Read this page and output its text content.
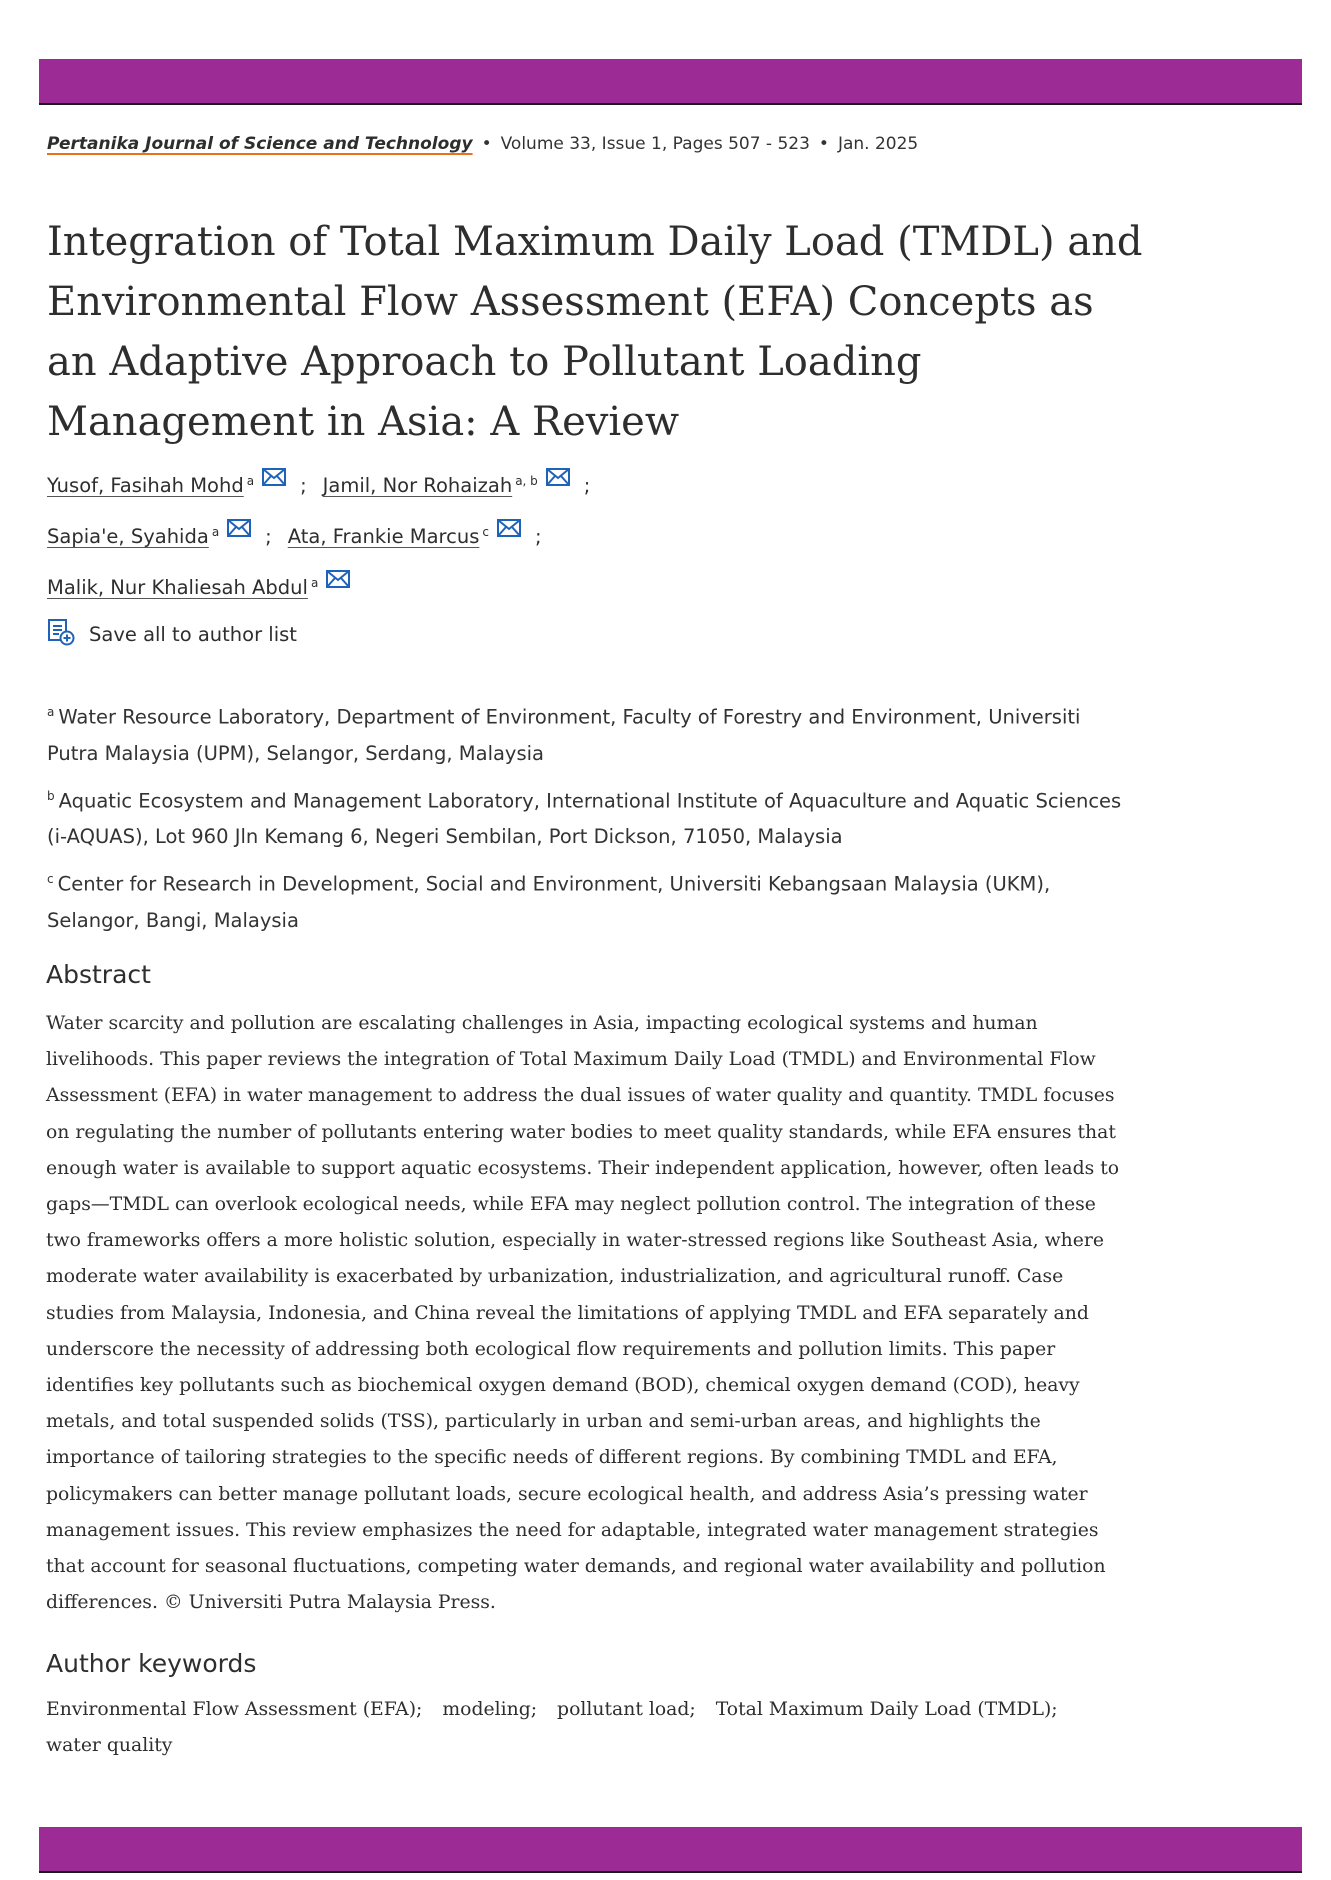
Pertanika Journal of Science and Technology • Volume 33, Issue 1, Pages 507 - 523 • Jan. 2025
Integration of Total Maximum Daily Load (TMDL) and Environmental Flow Assessment (EFA) Concepts as an Adaptive Approach to Pollutant Loading Management in Asia: A Review
Yusof, Fasihah Mohd a ; Jamil, Nor Rohaizah a, b ;
Sapia'e, Syahida a ; Ata, Frankie Marcus c ;
Malik, Nur Khaliesah Abdul a
Save all to author list
$^a$ Water Resource Laboratory, Department of Environment, Faculty of Forestry and Environment, Universiti Putra Malaysia (UPM), Selangor, Serdang, Malaysia
$^b$ Aquatic Ecosystem and Management Laboratory, International Institute of Aquaculture and Aquatic Sciences (i-AQUAS), Lot 960 Jln Kemang 6, Negeri Sembilan, Port Dickson, 71050, Malaysia
$^c$ Center for Research in Development, Social and Environment, Universiti Kebangsaan Malaysia (UKM), Selangor, Bangi, Malaysia
Abstract

Water scarcity and pollution are escalating challenges in Asia, impacting ecological systems and human livelihoods. This paper reviews the integration of Total Maximum Daily Load (TMDL) and Environmental Flow Assessment (EFA) in water management to address the dual issues of water quality and quantity. TMDL focuses on regulating the number of pollutants entering water bodies to meet quality standards, while EFA ensures that enough water is available to support aquatic ecosystems. Their independent application, however, often leads to gaps—TMDL can overlook ecological needs, while EFA may neglect pollution control. The integration of these two frameworks offers a more holistic solution, especially in water-stressed regions like Southeast Asia, where moderate water availability is exacerbated by urbanization, industrialization, and agricultural runoff. Case studies from Malaysia, Indonesia, and China reveal the limitations of applying TMDL and EFA separately and underscore the necessity of addressing both ecological flow requirements and pollution limits. This paper identifies key pollutants such as biochemical oxygen demand (BOD), chemical oxygen demand (COD), heavy metals, and total suspended solids (TSS), particularly in urban and semi-urban areas, and highlights the importance of tailoring strategies to the specific needs of different regions. By combining TMDL and EFA, policymakers can better manage pollutant loads, secure ecological health, and address Asia’s pressing water management issues. This review emphasizes the need for adaptable, integrated water management strategies that account for seasonal fluctuations, competing water demands, and regional water availability and pollution differences. © Universiti Putra Malaysia Press.

Author keywords
Environmental Flow Assessment (EFA); modeling; pollutant load; Total Maximum Daily Load (TMDL); water quality
